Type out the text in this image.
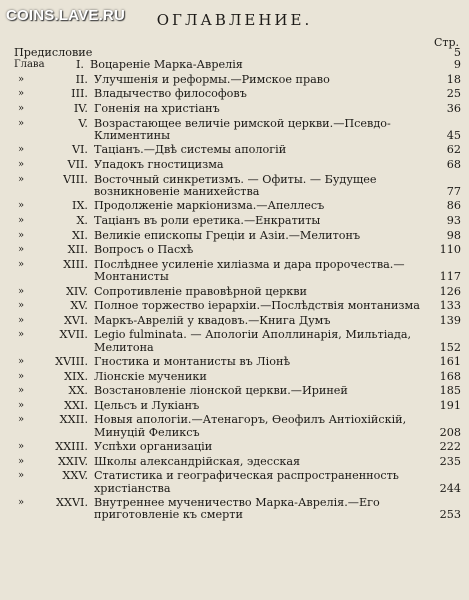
COINS.LAVE.RU	ОГЛАВЛЕНИЕ.
Стр.
Предисловие	5
Глава	I. Воцареніе Марка-Аврелія	9
»	II. Улучшенія и реформы.—Римское право	18
»	III. Владычество философовъ	25
»	IV. Гоненія на христіанъ	36
»	V. Возрастающее величіе римской церкви.—Псевдо-Климентины	45
»	VI. Таціанъ.—Двѣ системы апологій	62
»	VII. Упадокъ гностицизма	68
»	VIII. Восточный синкретизмъ. — Офиты. — Будущее возникновеніе манихейства	77
»	IX. Продолженіе маркіонизма.—Апеллесъ	86
»	X. Таціанъ въ роли еретика.—Енкратиты	93
»	XI. Великіе епископы Греціи и Азіи.—Мелитонъ	98
»	XII. Вопросъ о Пасхѣ	110
»	XIII. Послѣднее усиленіе хиліазма и дара пророчества.—Монтанисты	117
»	XIV. Сопротивленіе правовѣрной церкви	126
»	XV. Полное торжество іерархіи.—Послѣдствія монтанизма	133
»	XVI. Маркъ-Аврелій у квадовъ.—Книга Думъ	139
»	XVII. Legio fulminata. — Апологіи Аполлинарія, Мильтіада, Мелитона	152
»	XVIII. Гностика и монтанисты въ Ліонѣ	161
»	XIX. Ліонскіе мученики	168
»	XX. Возстановленіе ліонской церкви.—Ириней	185
»	XXI. Цельсъ и Лукіанъ	191
»	XXII. Новыя апологіи.—Атенагоръ, Ѳеофилъ Антіохійскій, Минуцій Феликсъ	208
»	XXIII. Успѣхи организаціи	222
»	XXIV. Школы александрійская, эдесская	235
»	XXV. Статистика и географическая распространенность христіанства	244
»	XXVI. Внутреннее мученичество Марка-Аврелія.—Его приготовленіе къ смерти	253
